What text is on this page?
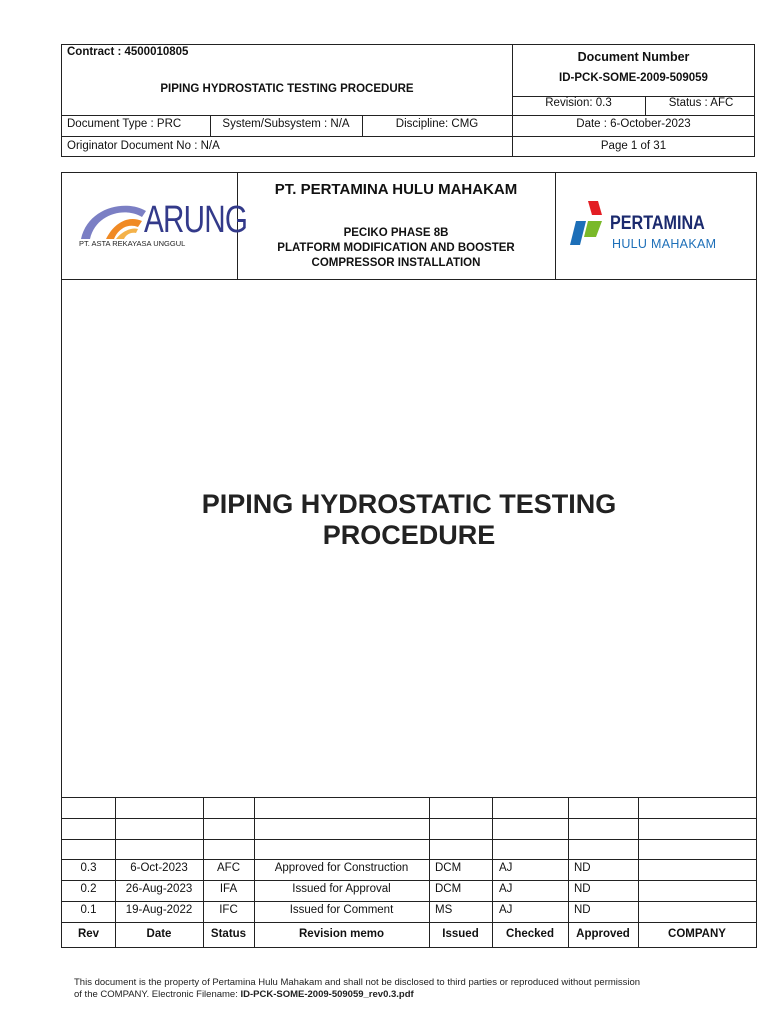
Contract : 4500010805
PIPING HYDROSTATIC TESTING PROCEDURE
Document Number
ID-PCK-SOME-2009-509059
Revision: 0.3	Status : AFC
Document Type : PRC	System/Subsystem : N/A	Discipline: CMG	Date : 6-October-2023
Originator Document No : N/A	Page 1 of 31
ARUNG
PT. ASTA REKAYASA UNGGUL
PT. PERTAMINA HULU MAHAKAM
PECIKO PHASE 8B
PLATFORM MODIFICATION AND BOOSTER
COMPRESSOR INSTALLATION
PERTAMINA
HULU MAHAKAM
PIPING HYDROSTATIC TESTING
PROCEDURE
0.3	6-Oct-2023	AFC	Approved for Construction	DCM	AJ	ND
0.2	26-Aug-2023	IFA	Issued for Approval	DCM	AJ	ND
0.1	19-Aug-2022	IFC	Issued for Comment	MS	AJ	ND
Rev	Date	Status	Revision memo	Issued	Checked	Approved	COMPANY
This document is the property of Pertamina Hulu Mahakam and shall not be disclosed to third parties or reproduced without permission
of the COMPANY. Electronic Filename: ID-PCK-SOME-2009-509059_rev0.3.pdf
